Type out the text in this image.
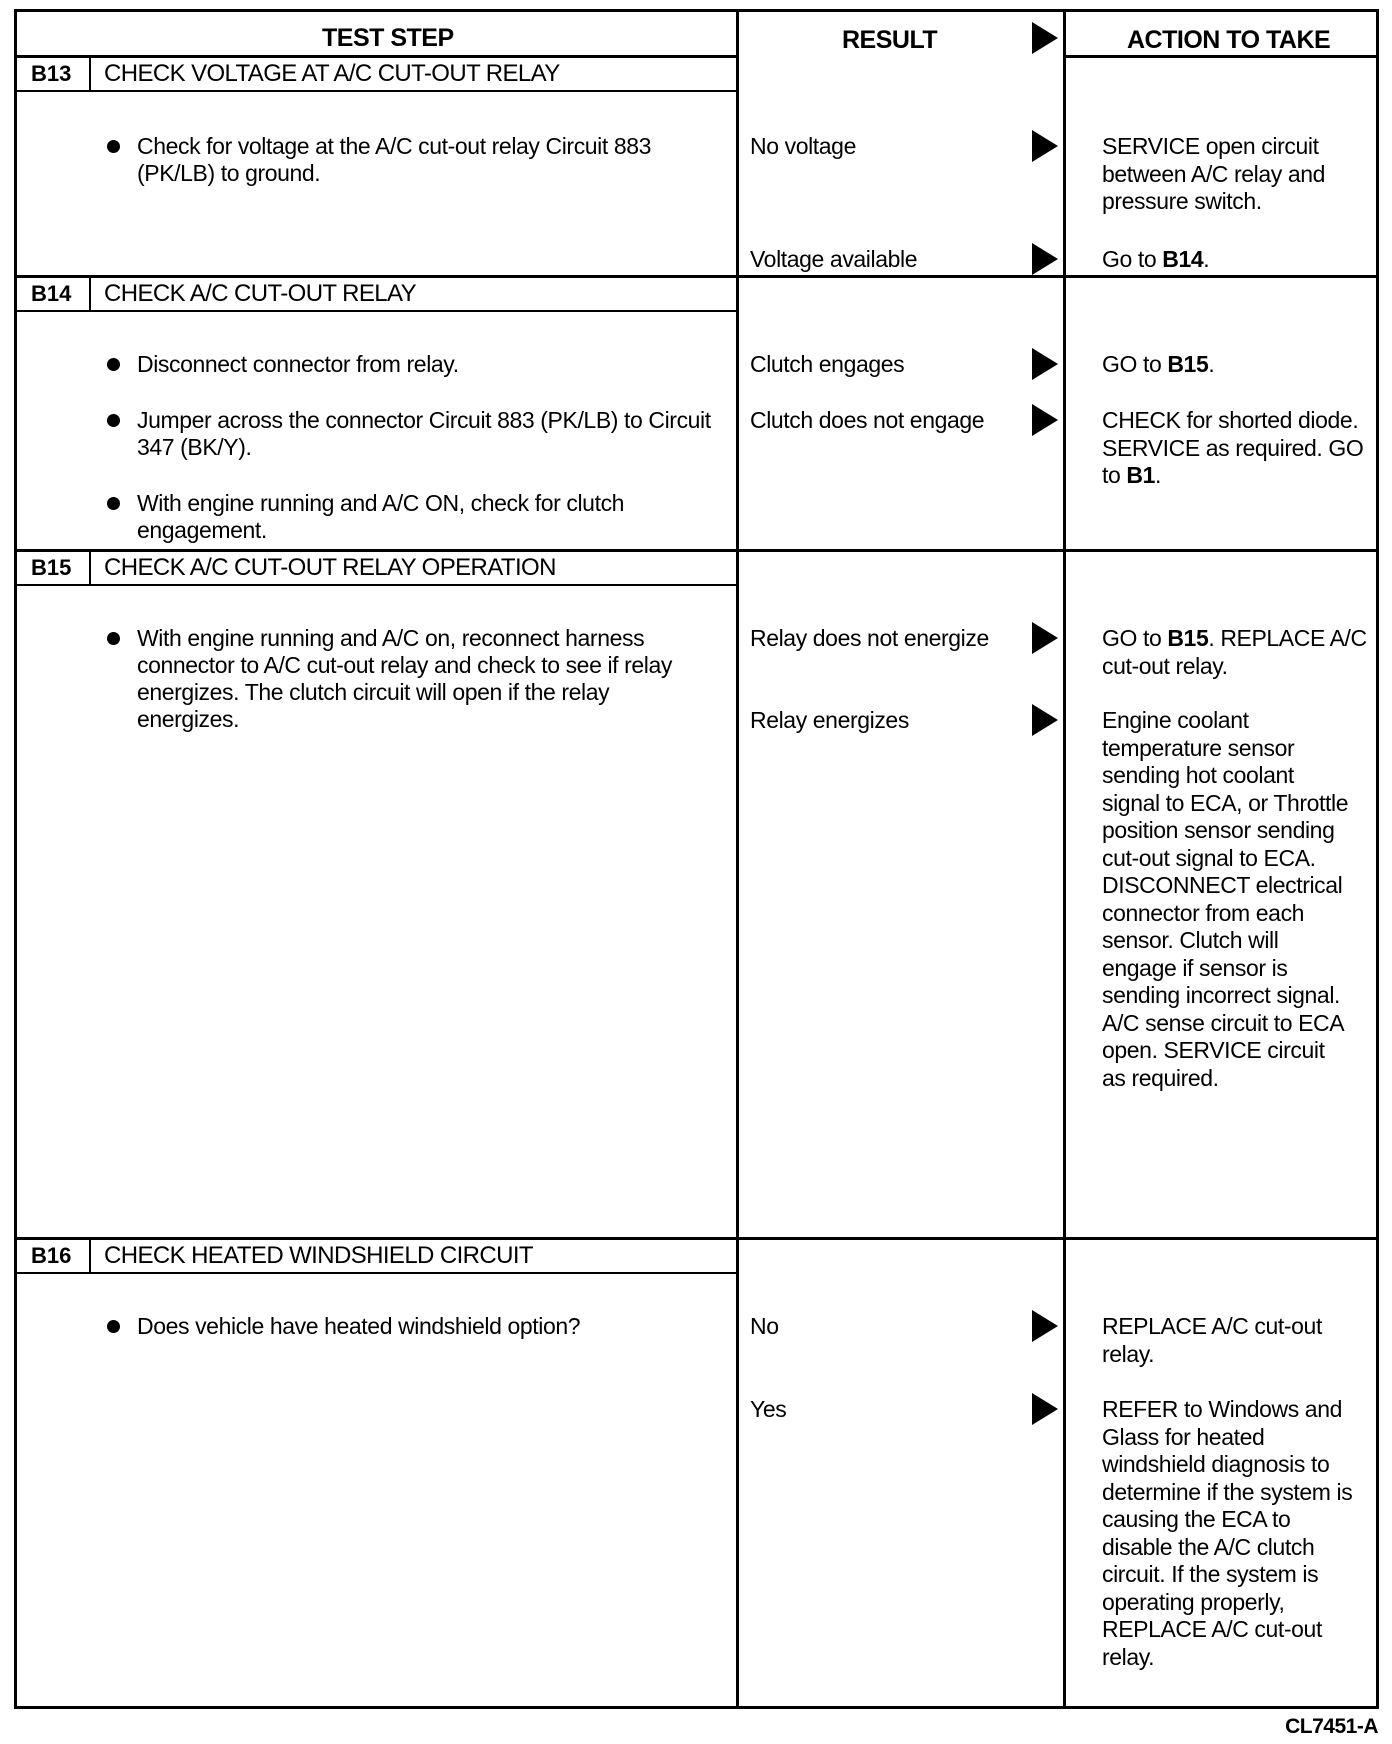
TEST STEP	RESULT	ACTION TO TAKE
B13 CHECK VOLTAGE AT A/C CUT-OUT RELAY
Check for voltage at the A/C cut-out relay Circuit 883 (PK/LB) to ground.
No voltage	SERVICE open circuit between A/C relay and pressure switch.
Voltage available	Go to B14.
B14 CHECK A/C CUT-OUT RELAY
Disconnect connector from relay.
Jumper across the connector Circuit 883 (PK/LB) to Circuit 347 (BK/Y).
With engine running and A/C ON, check for clutch engagement.
Clutch engages	GO to B15.
Clutch does not engage	CHECK for shorted diode. SERVICE as required. GO to B1.
B15 CHECK A/C CUT-OUT RELAY OPERATION
With engine running and A/C on, reconnect harness connector to A/C cut-out relay and check to see if relay energizes. The clutch circuit will open if the relay energizes.
Relay does not energize	GO to B15. REPLACE A/C cut-out relay.
Relay energizes	Engine coolant temperature sensor sending hot coolant signal to ECA, or Throttle position sensor sending cut-out signal to ECA. DISCONNECT electrical connector from each sensor. Clutch will engage if sensor is sending incorrect signal. A/C sense circuit to ECA open. SERVICE circuit as required.
B16 CHECK HEATED WINDSHIELD CIRCUIT
Does vehicle have heated windshield option?	No	REPLACE A/C cut-out relay.
Yes	REFER to Windows and Glass for heated windshield diagnosis to determine if the system is causing the ECA to disable the A/C clutch circuit. If the system is operating properly, REPLACE A/C cut-out relay.
CL7451-A
